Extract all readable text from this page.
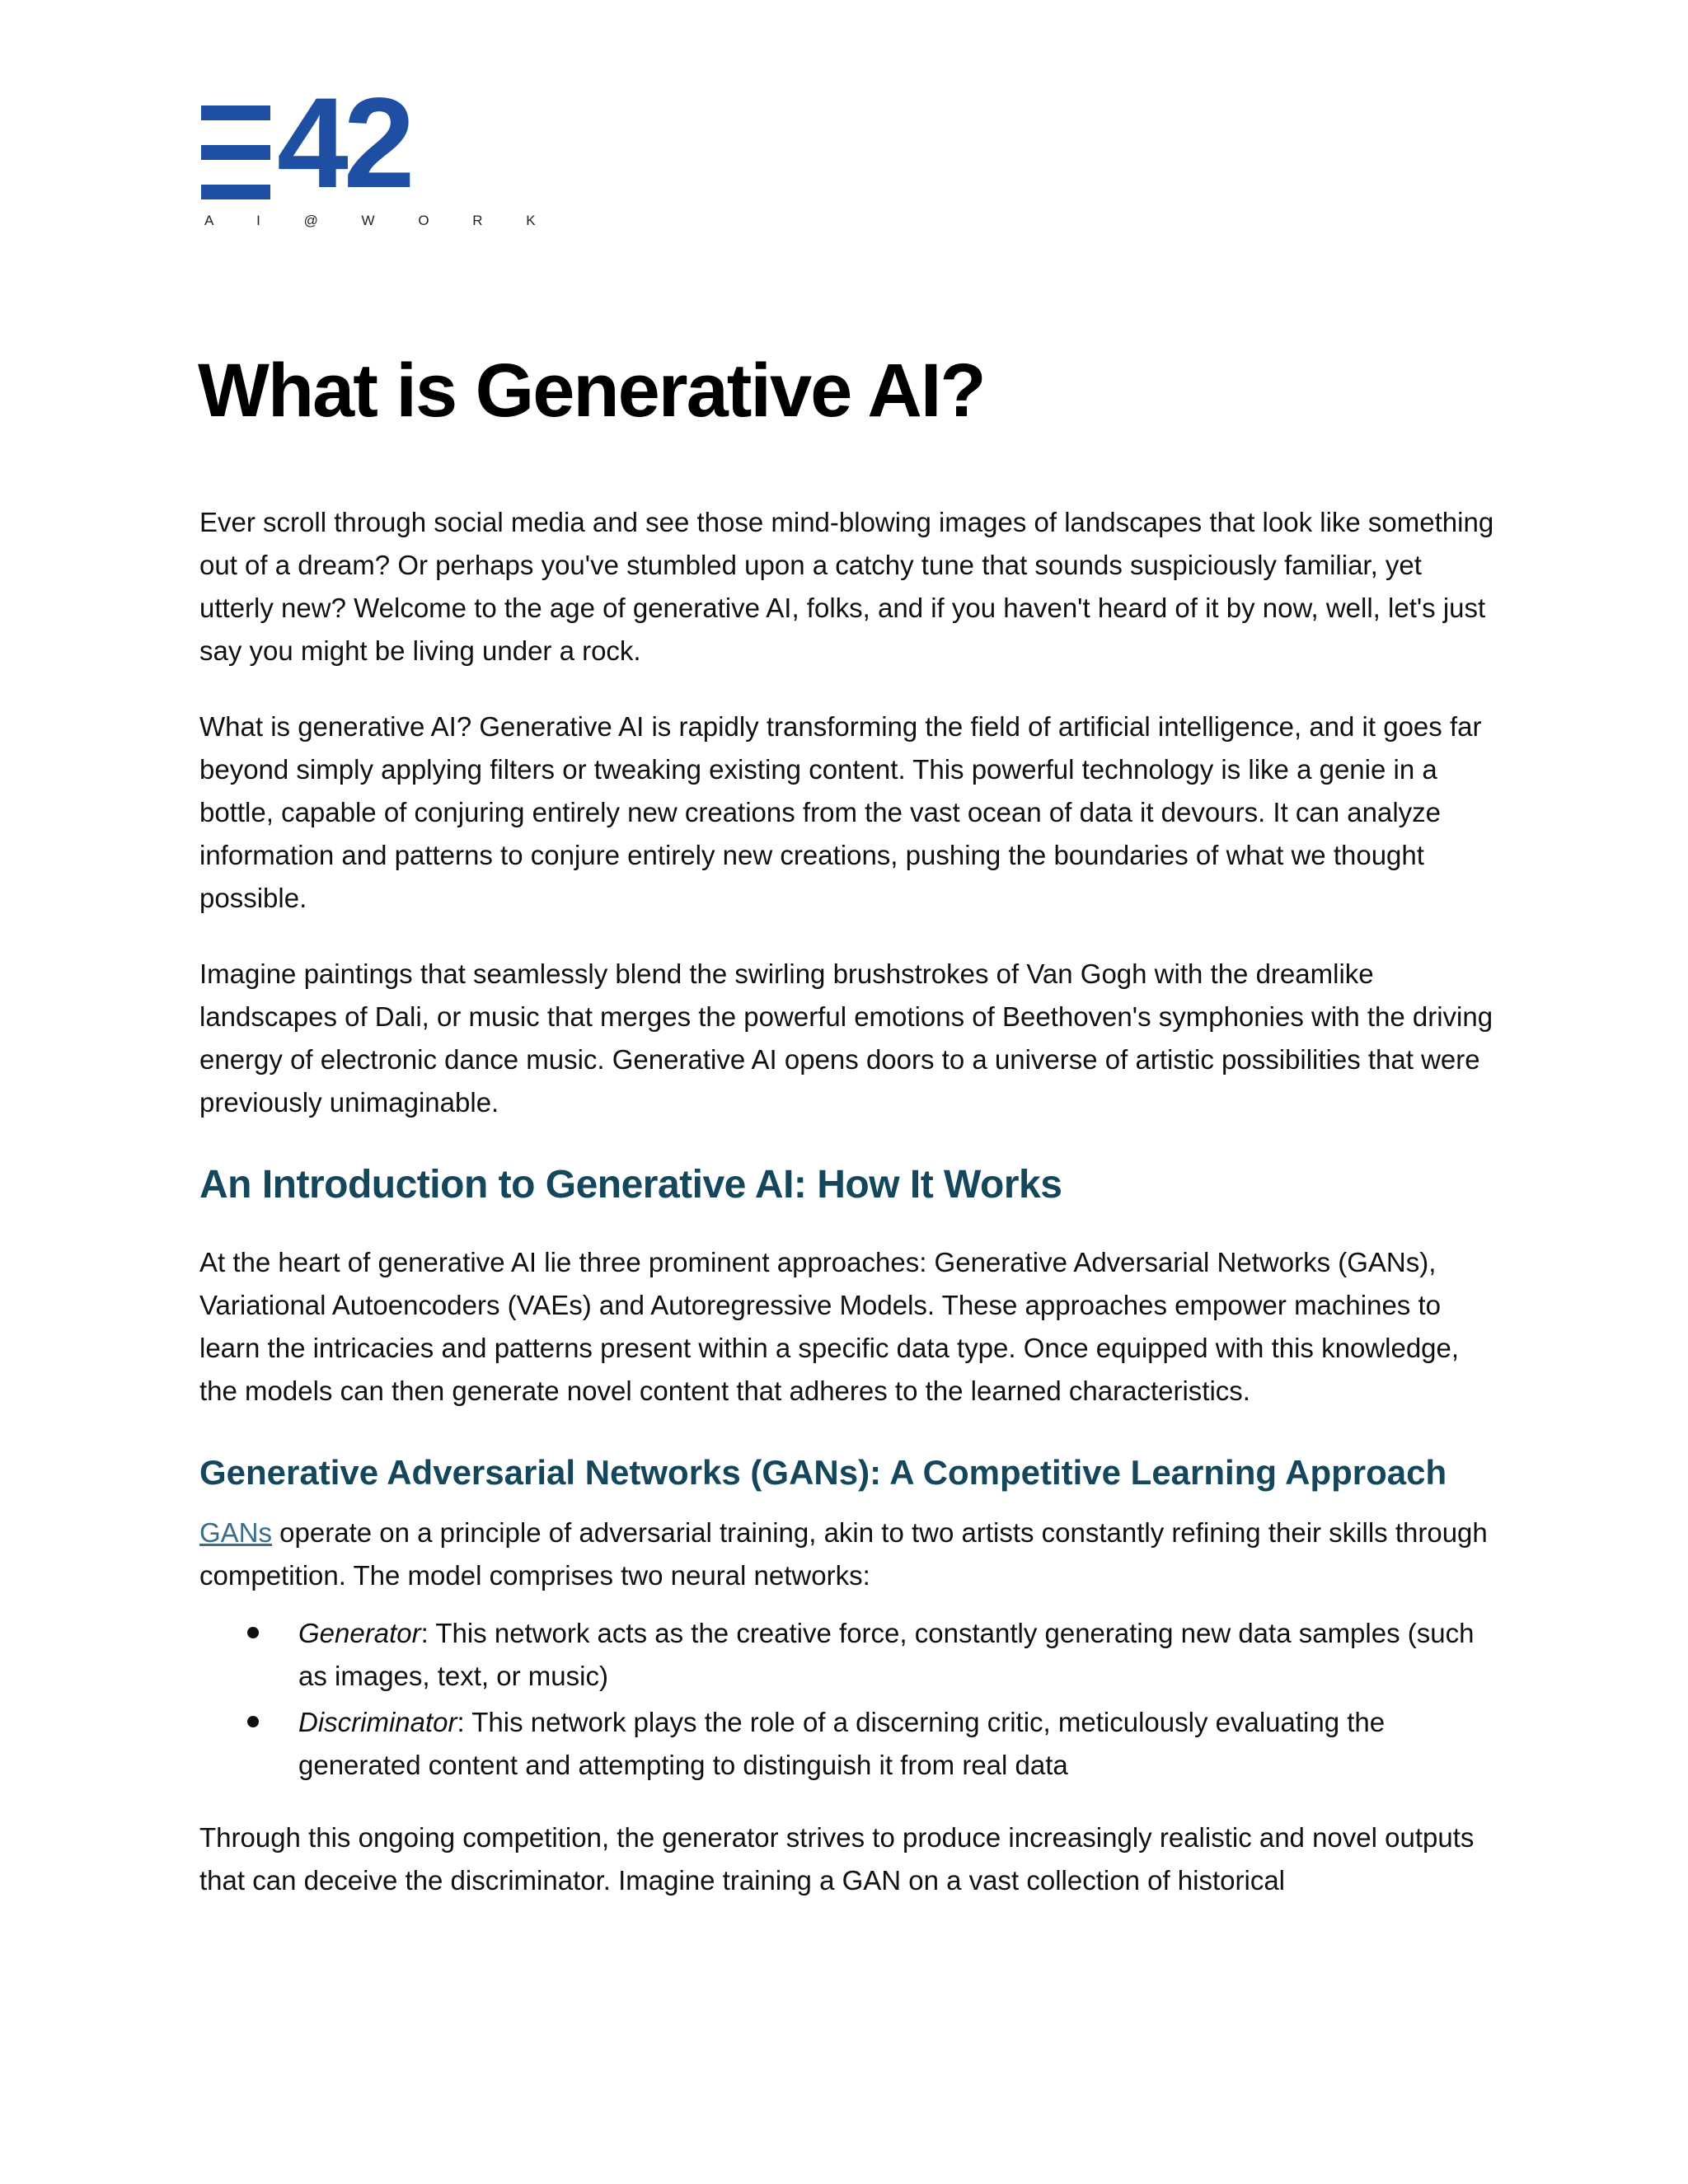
42
A I @ W O R K
What is Generative AI?

Ever scroll through social media and see those mind-blowing images of landscapes that look like something out of a dream? Or perhaps you've stumbled upon a catchy tune that sounds suspiciously familiar, yet utterly new? Welcome to the age of generative AI, folks, and if you haven't heard of it by now, well, let's just say you might be living under a rock.

What is generative AI? Generative AI is rapidly transforming the field of artificial intelligence, and it goes far beyond simply applying filters or tweaking existing content. This powerful technology is like a genie in a bottle, capable of conjuring entirely new creations from the vast ocean of data it devours. It can analyze information and patterns to conjure entirely new creations, pushing the boundaries of what we thought possible.

Imagine paintings that seamlessly blend the swirling brushstrokes of Van Gogh with the dreamlike landscapes of Dali, or music that merges the powerful emotions of Beethoven's symphonies with the driving energy of electronic dance music. Generative AI opens doors to a universe of artistic possibilities that were previously unimaginable.

An Introduction to Generative AI: How It Works

At the heart of generative AI lie three prominent approaches: Generative Adversarial Networks (GANs), Variational Autoencoders (VAEs) and Autoregressive Models. These approaches empower machines to learn the intricacies and patterns present within a specific data type. Once equipped with this knowledge, the models can then generate novel content that adheres to the learned characteristics.

Generative Adversarial Networks (GANs): A Competitive Learning Approach

GANs operate on a principle of adversarial training, akin to two artists constantly refining their skills through competition. The model comprises two neural networks:

Generator: This network acts as the creative force, constantly generating new data samples (such as images, text, or music)
Discriminator: This network plays the role of a discerning critic, meticulously evaluating the generated content and attempting to distinguish it from real data

Through this ongoing competition, the generator strives to produce increasingly realistic and novel outputs that can deceive the discriminator. Imagine training a GAN on a vast collection of historical
